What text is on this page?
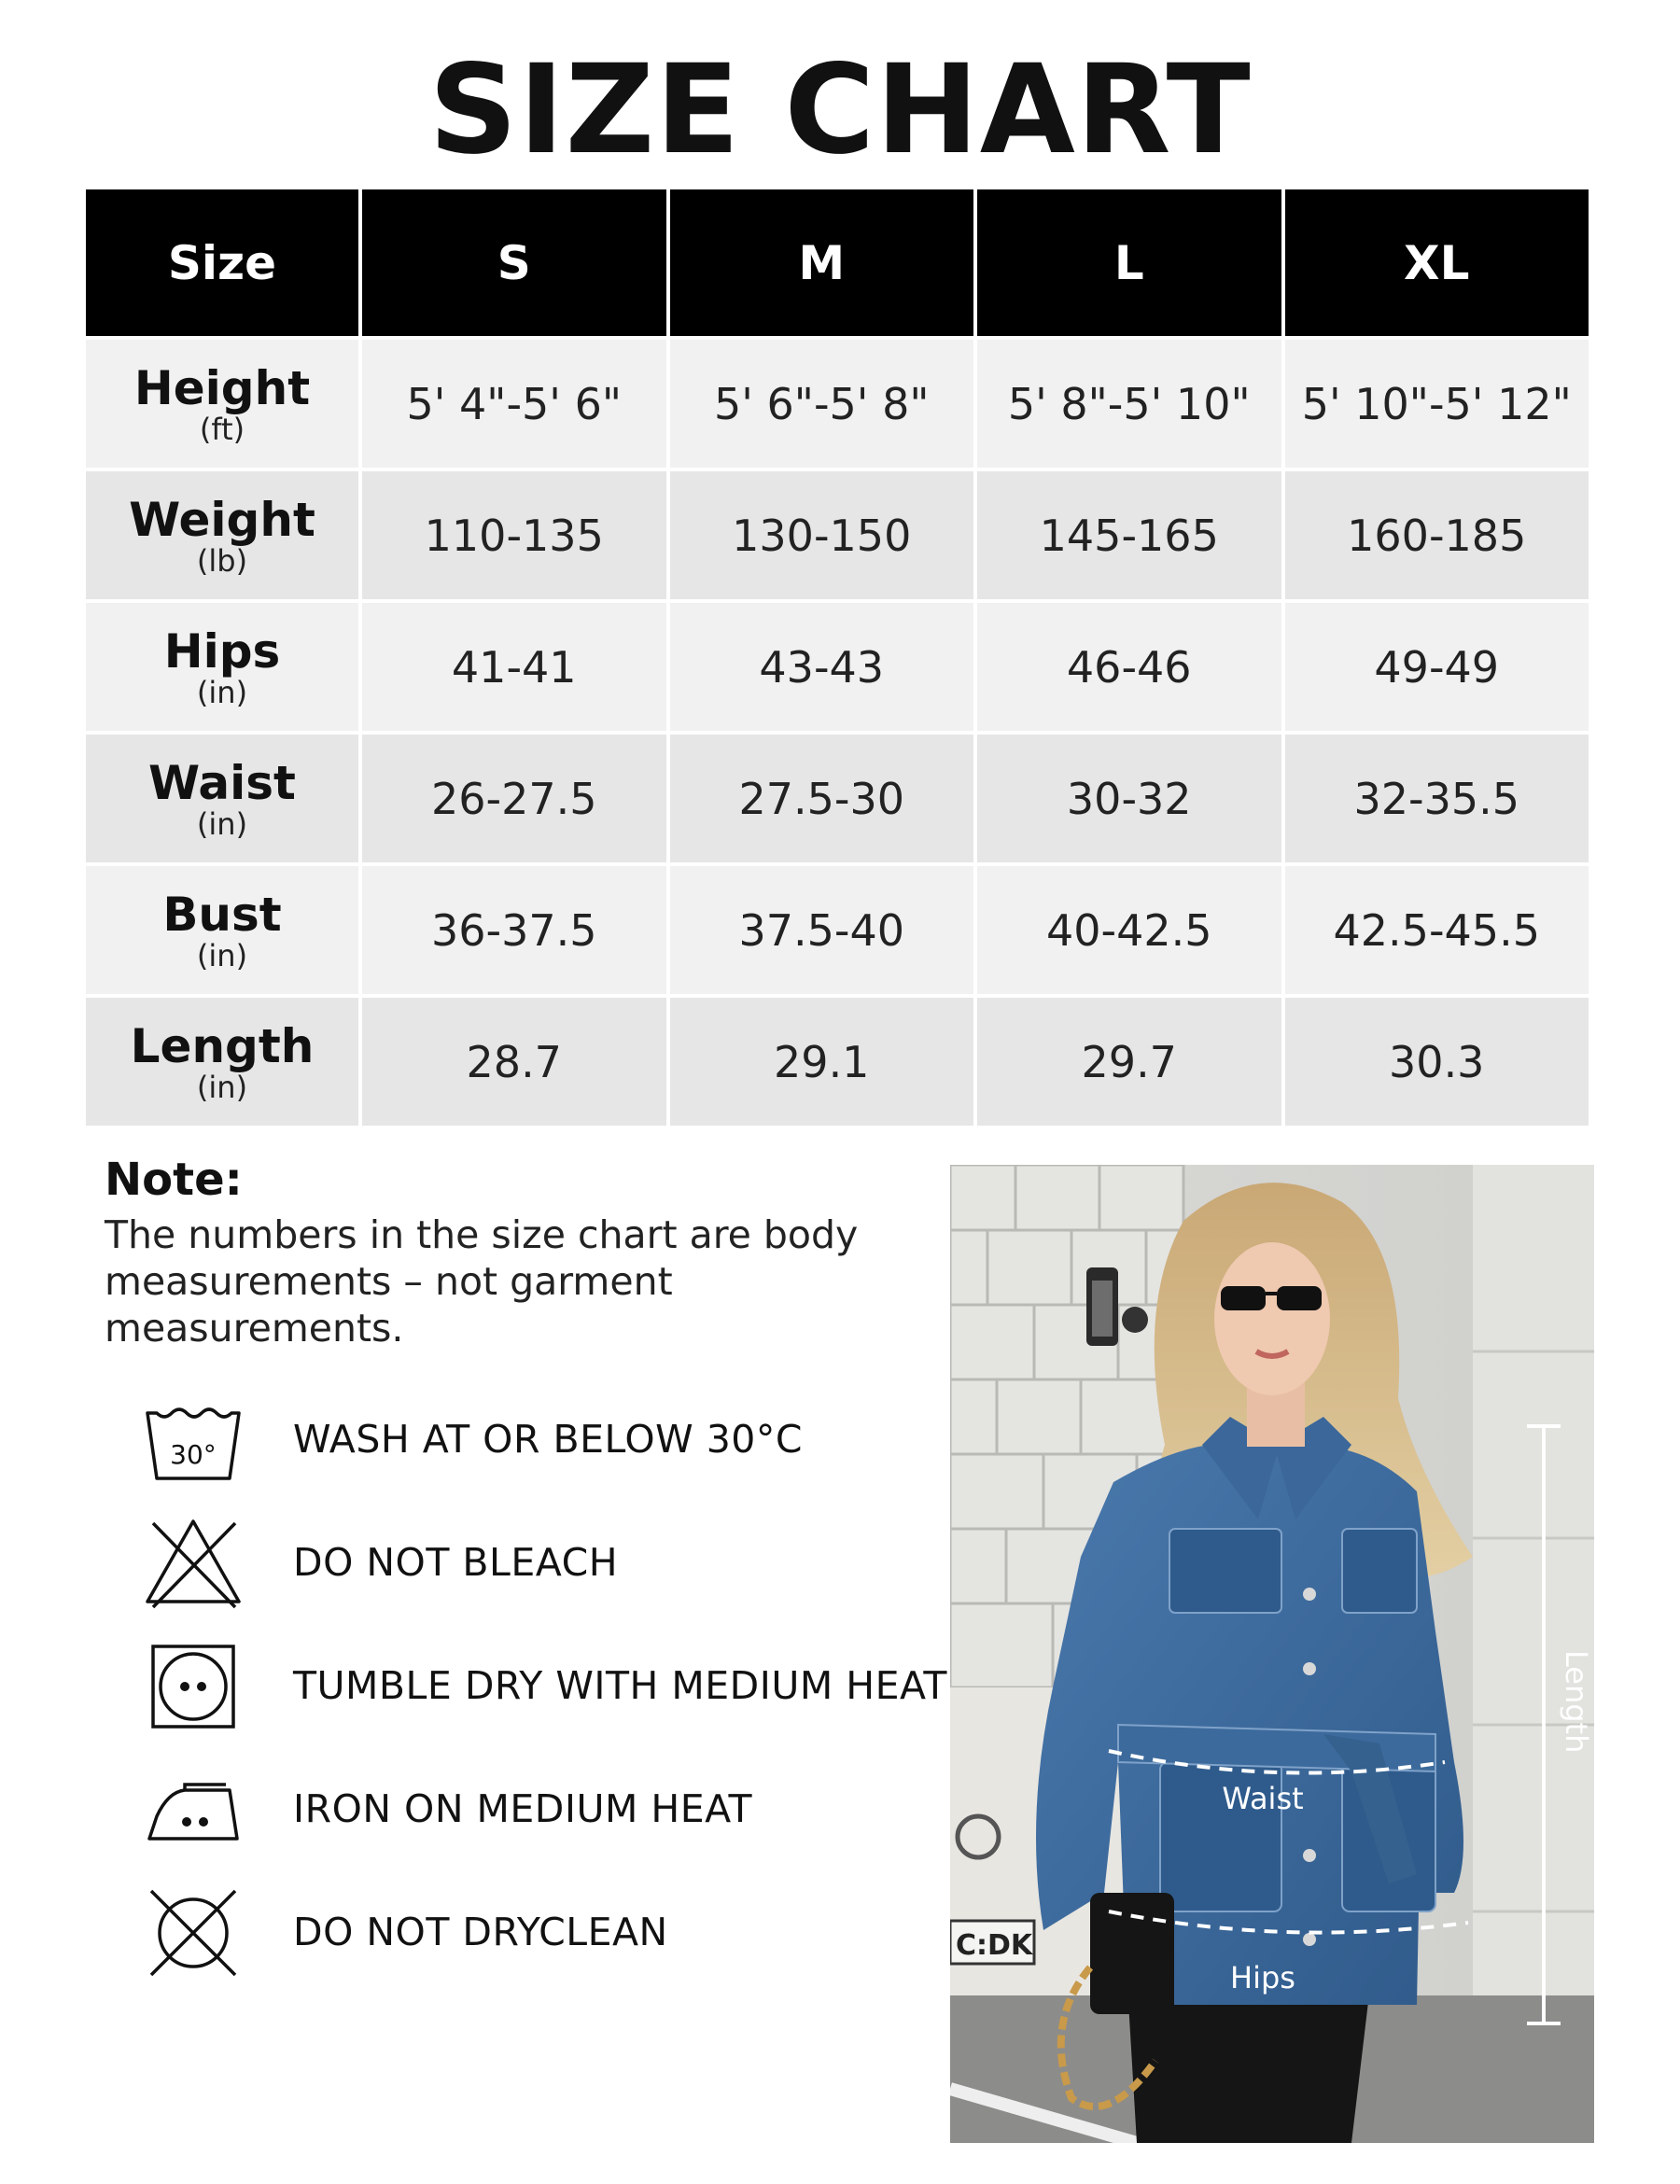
SIZE CHART
Size	S	M	L	XL

Height
(ft)	5' 4"-5' 6"	5' 6"-5' 8"	5' 8"-5' 10"	5' 10"-5' 12"

Weight
(lb)	110-135	130-150	145-165	160-185

Hips
(in)	41-41	43-43	46-46	49-49

Waist
(in)	26-27.5	27.5-30	30-32	32-35.5

Bust
(in)	36-37.5	37.5-40	40-42.5	42.5-45.5

Length
(in)	28.7	29.1	29.7	30.3
Note:
The numbers in the size chart are body measurements – not garment measurements.
30° WASH AT OR BELOW 30°C
DO NOT BLEACH
TUMBLE DRY WITH MEDIUM HEAT
IRON ON MEDIUM HEAT
DO NOT DRYCLEAN	C:DK
Waist
Hips
Length
